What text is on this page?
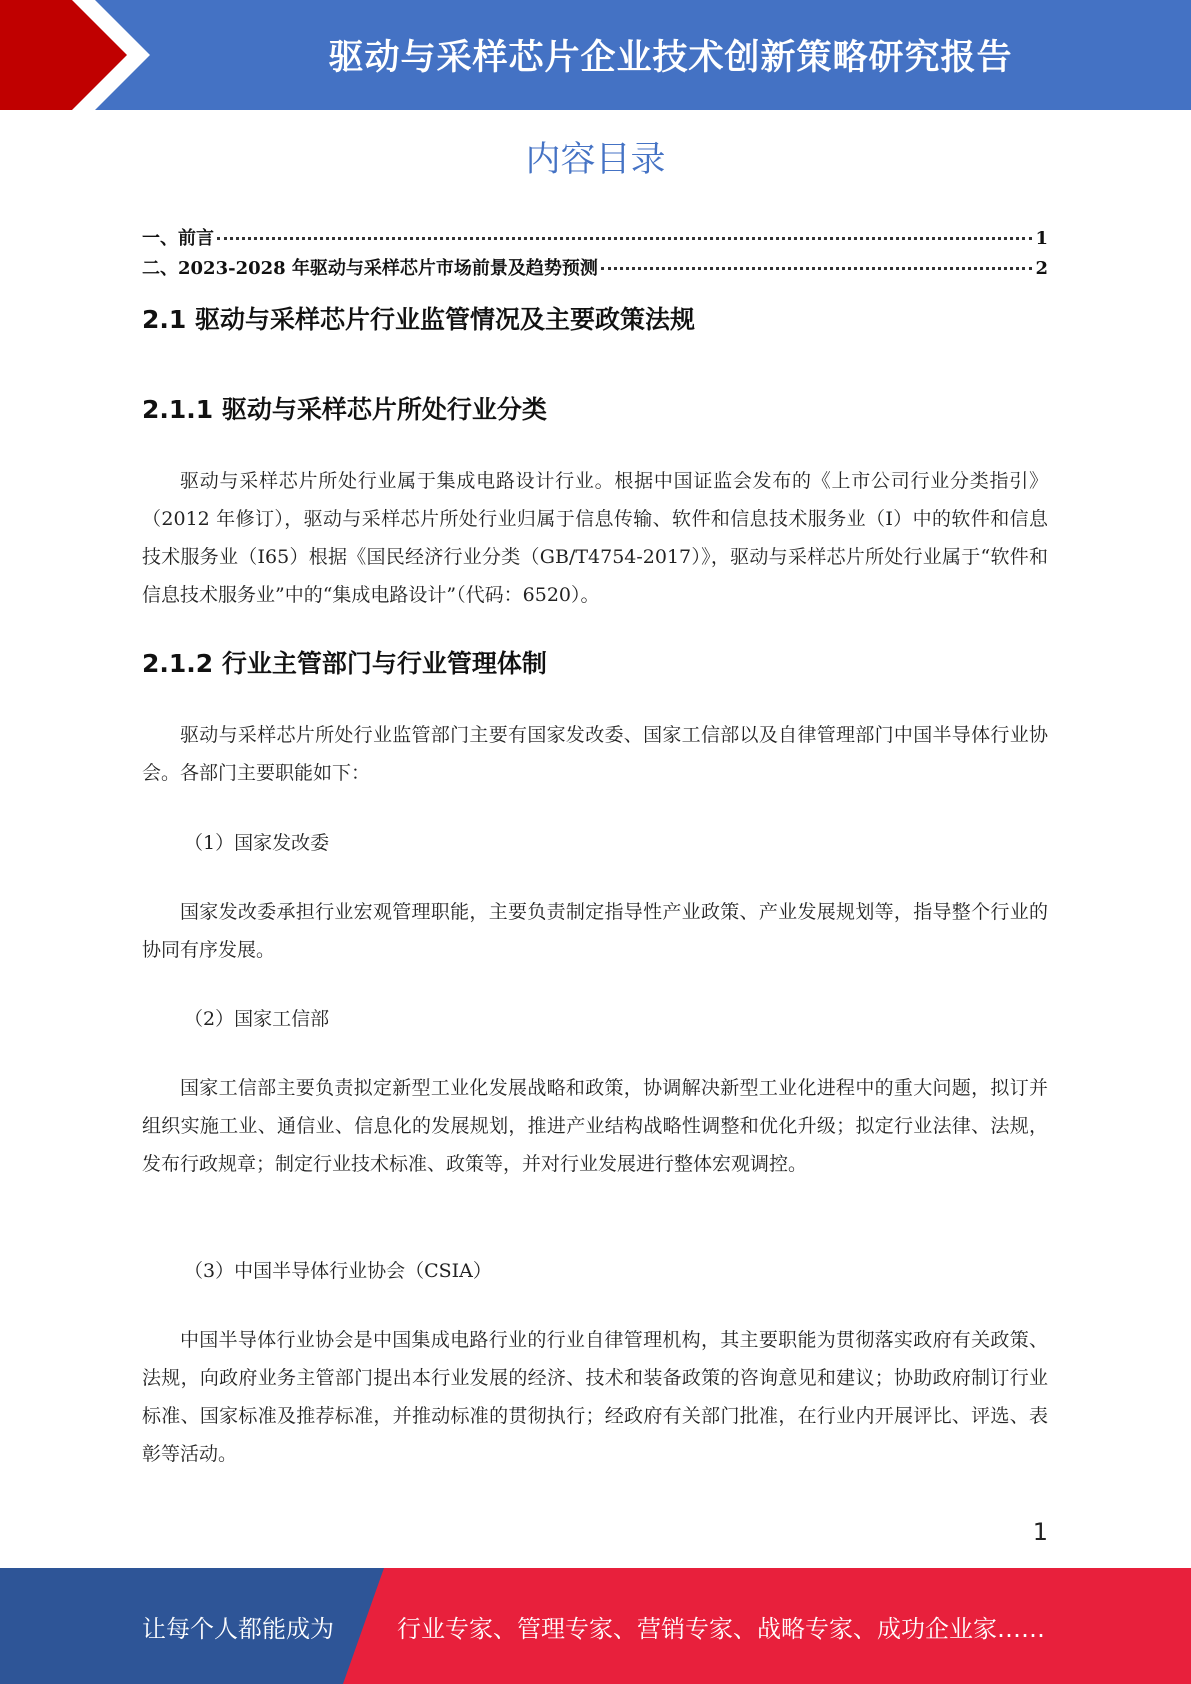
驱动与采样芯片企业技术创新策略研究报告
内容目录
一、前言	1
二、2023-2028 年驱动与采样芯片市场前景及趋势预测	2
2.1 驱动与采样芯片行业监管情况及主要政策法规
2.1.1 驱动与采样芯片所处行业分类

驱动与采样芯片所处行业属于集成电路设计行业。根据中国证监会发布的《上市公司行业分类指引》（2012 年修订），驱动与采样芯片所处行业归属于信息传输、软件和信息技术服务业（I）中的软件和信息技术服务业（I65）根据《国民经济行业分类（GB/T4754-2017）》，驱动与采样芯片所处行业属于“软件和信息技术服务业”中的“集成电路设计”（代码：6520）。

2.1.2 行业主管部门与行业管理体制

驱动与采样芯片所处行业监管部门主要有国家发改委、国家工信部以及自律管理部门中国半导体行业协会。各部门主要职能如下：

（1）国家发改委

国家发改委承担行业宏观管理职能，主要负责制定指导性产业政策、产业发展规划等，指导整个行业的协同有序发展。

（2）国家工信部

国家工信部主要负责拟定新型工业化发展战略和政策，协调解决新型工业化进程中的重大问题，拟订并组织实施工业、通信业、信息化的发展规划，推进产业结构战略性调整和优化升级；拟定行业法律、法规，发布行政规章；制定行业技术标准、政策等，并对行业发展进行整体宏观调控。

（3）中国半导体行业协会（CSIA）

中国半导体行业协会是中国集成电路行业的行业自律管理机构，其主要职能为贯彻落实政府有关政策、法规，向政府业务主管部门提出本行业发展的经济、技术和装备政策的咨询意见和建议；协助政府制订行业标准、国家标准及推荐标准，并推动标准的贯彻执行；经政府有关部门批准，在行业内开展评比、评选、表彰等活动。

1
让每个人都能成为	行业专家、管理专家、营销专家、战略专家、成功企业家……
